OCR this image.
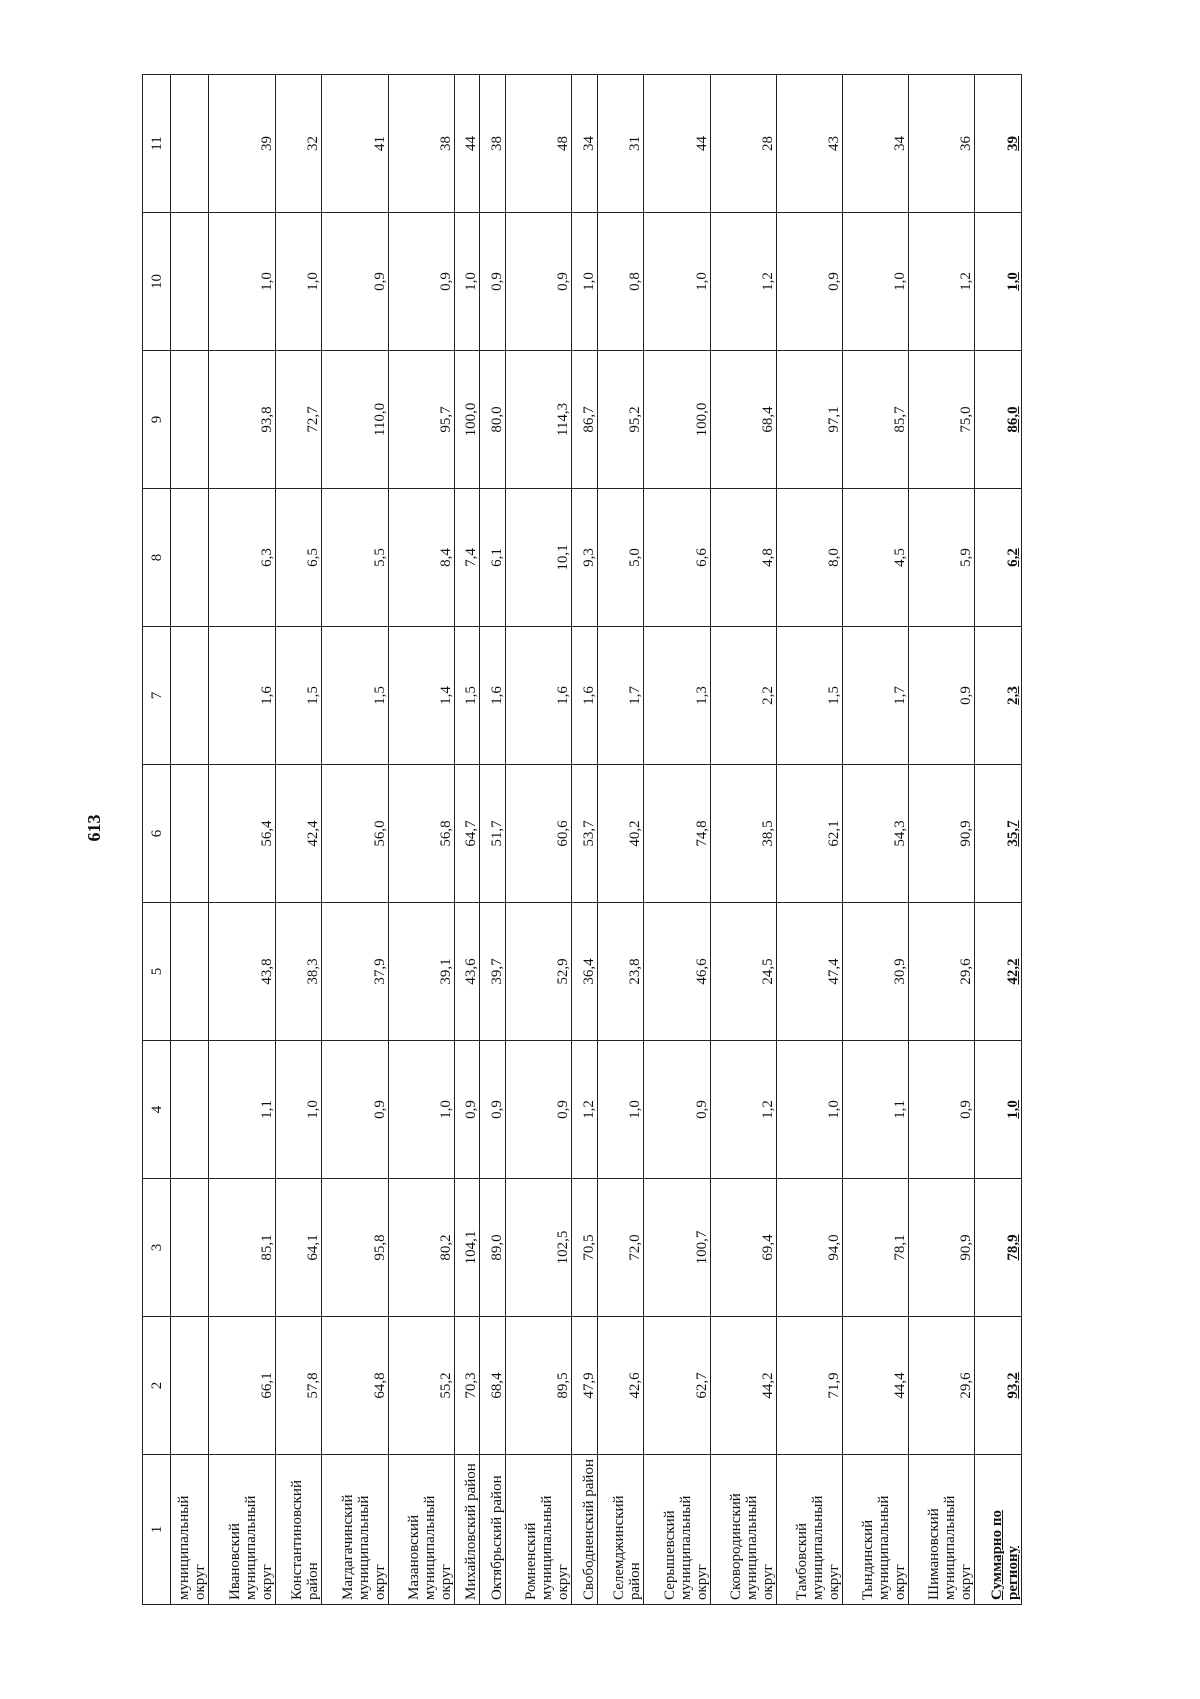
613
1	2	3	4	5	6	7	8	9	10	11
муниципальный округ										
Ивановский муниципальный округ	66,1	85,1	1,1	43,8	56,4	1,6	6,3	93,8	1,0	39
Константиновский район	57,8	64,1	1,0	38,3	42,4	1,5	6,5	72,7	1,0	32
Магдагачинский муниципальный округ	64,8	95,8	0,9	37,9	56,0	1,5	5,5	110,0	0,9	41
Мазановский муниципальный округ	55,2	80,2	1,0	39,1	56,8	1,4	8,4	95,7	0,9	38
Михайловский район	70,3	104,1	0,9	43,6	64,7	1,5	7,4	100,0	1,0	44
Октябрьский район	68,4	89,0	0,9	39,7	51,7	1,6	6,1	80,0	0,9	38
Ромненский муниципальный округ	89,5	102,5	0,9	52,9	60,6	1,6	10,1	114,3	0,9	48
Свободненский район	47,9	70,5	1,2	36,4	53,7	1,6	9,3	86,7	1,0	34
Селемджинский район	42,6	72,0	1,0	23,8	40,2	1,7	5,0	95,2	0,8	31
Серышевский муниципальный округ	62,7	100,7	0,9	46,6	74,8	1,3	6,6	100,0	1,0	44
Сковородинский муниципальный округ	44,2	69,4	1,2	24,5	38,5	2,2	4,8	68,4	1,2	28
Тамбовский муниципальный округ	71,9	94,0	1,0	47,4	62,1	1,5	8,0	97,1	0,9	43
Тындинский муниципальный округ	44,4	78,1	1,1	30,9	54,3	1,7	4,5	85,7	1,0	34
Шимановский муниципальный округ	29,6	90,9	0,9	29,6	90,9	0,9	5,9	75,0	1,2	36
Суммарно по региону	93,2	78,9	1,0	42,2	35,7	2,3	6,2	86,0	1,0	39
